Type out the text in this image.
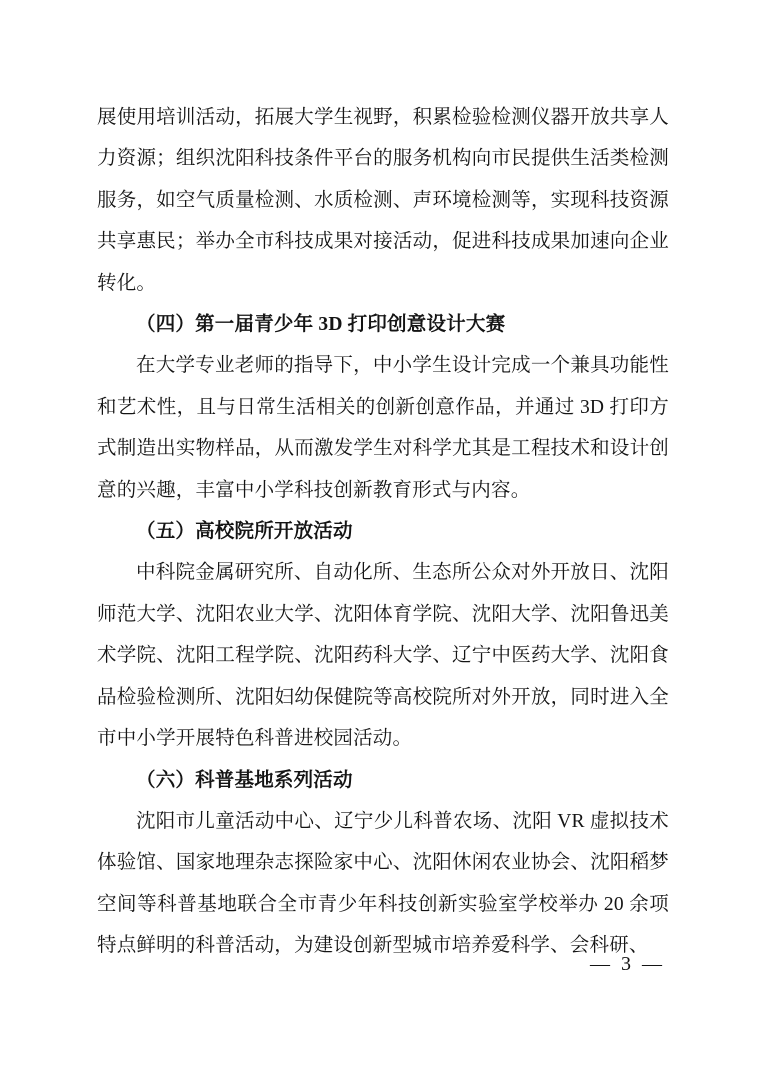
展使用培训活动，拓展大学生视野，积累检验检测仪器开放共享人力资源；组织沈阳科技条件平台的服务机构向市民提供生活类检测服务，如空气质量检测、水质检测、声环境检测等，实现科技资源共享惠民；举办全市科技成果对接活动，促进科技成果加速向企业转化。

（四）第一届青少年 3D 打印创意设计大赛

在大学专业老师的指导下，中小学生设计完成一个兼具功能性和艺术性，且与日常生活相关的创新创意作品，并通过 3D 打印方式制造出实物样品，从而激发学生对科学尤其是工程技术和设计创意的兴趣，丰富中小学科技创新教育形式与内容。

（五）高校院所开放活动

中科院金属研究所、自动化所、生态所公众对外开放日、沈阳师范大学、沈阳农业大学、沈阳体育学院、沈阳大学、沈阳鲁迅美术学院、沈阳工程学院、沈阳药科大学、辽宁中医药大学、沈阳食品检验检测所、沈阳妇幼保健院等高校院所对外开放，同时进入全市中小学开展特色科普进校园活动。

（六）科普基地系列活动

沈阳市儿童活动中心、辽宁少儿科普农场、沈阳 VR 虚拟技术体验馆、国家地理杂志探险家中心、沈阳休闲农业协会、沈阳稻梦空间等科普基地联合全市青少年科技创新实验室学校举办 20 余项特点鲜明的科普活动，为建设创新型城市培养爱科学、会科研、

— 3 —
